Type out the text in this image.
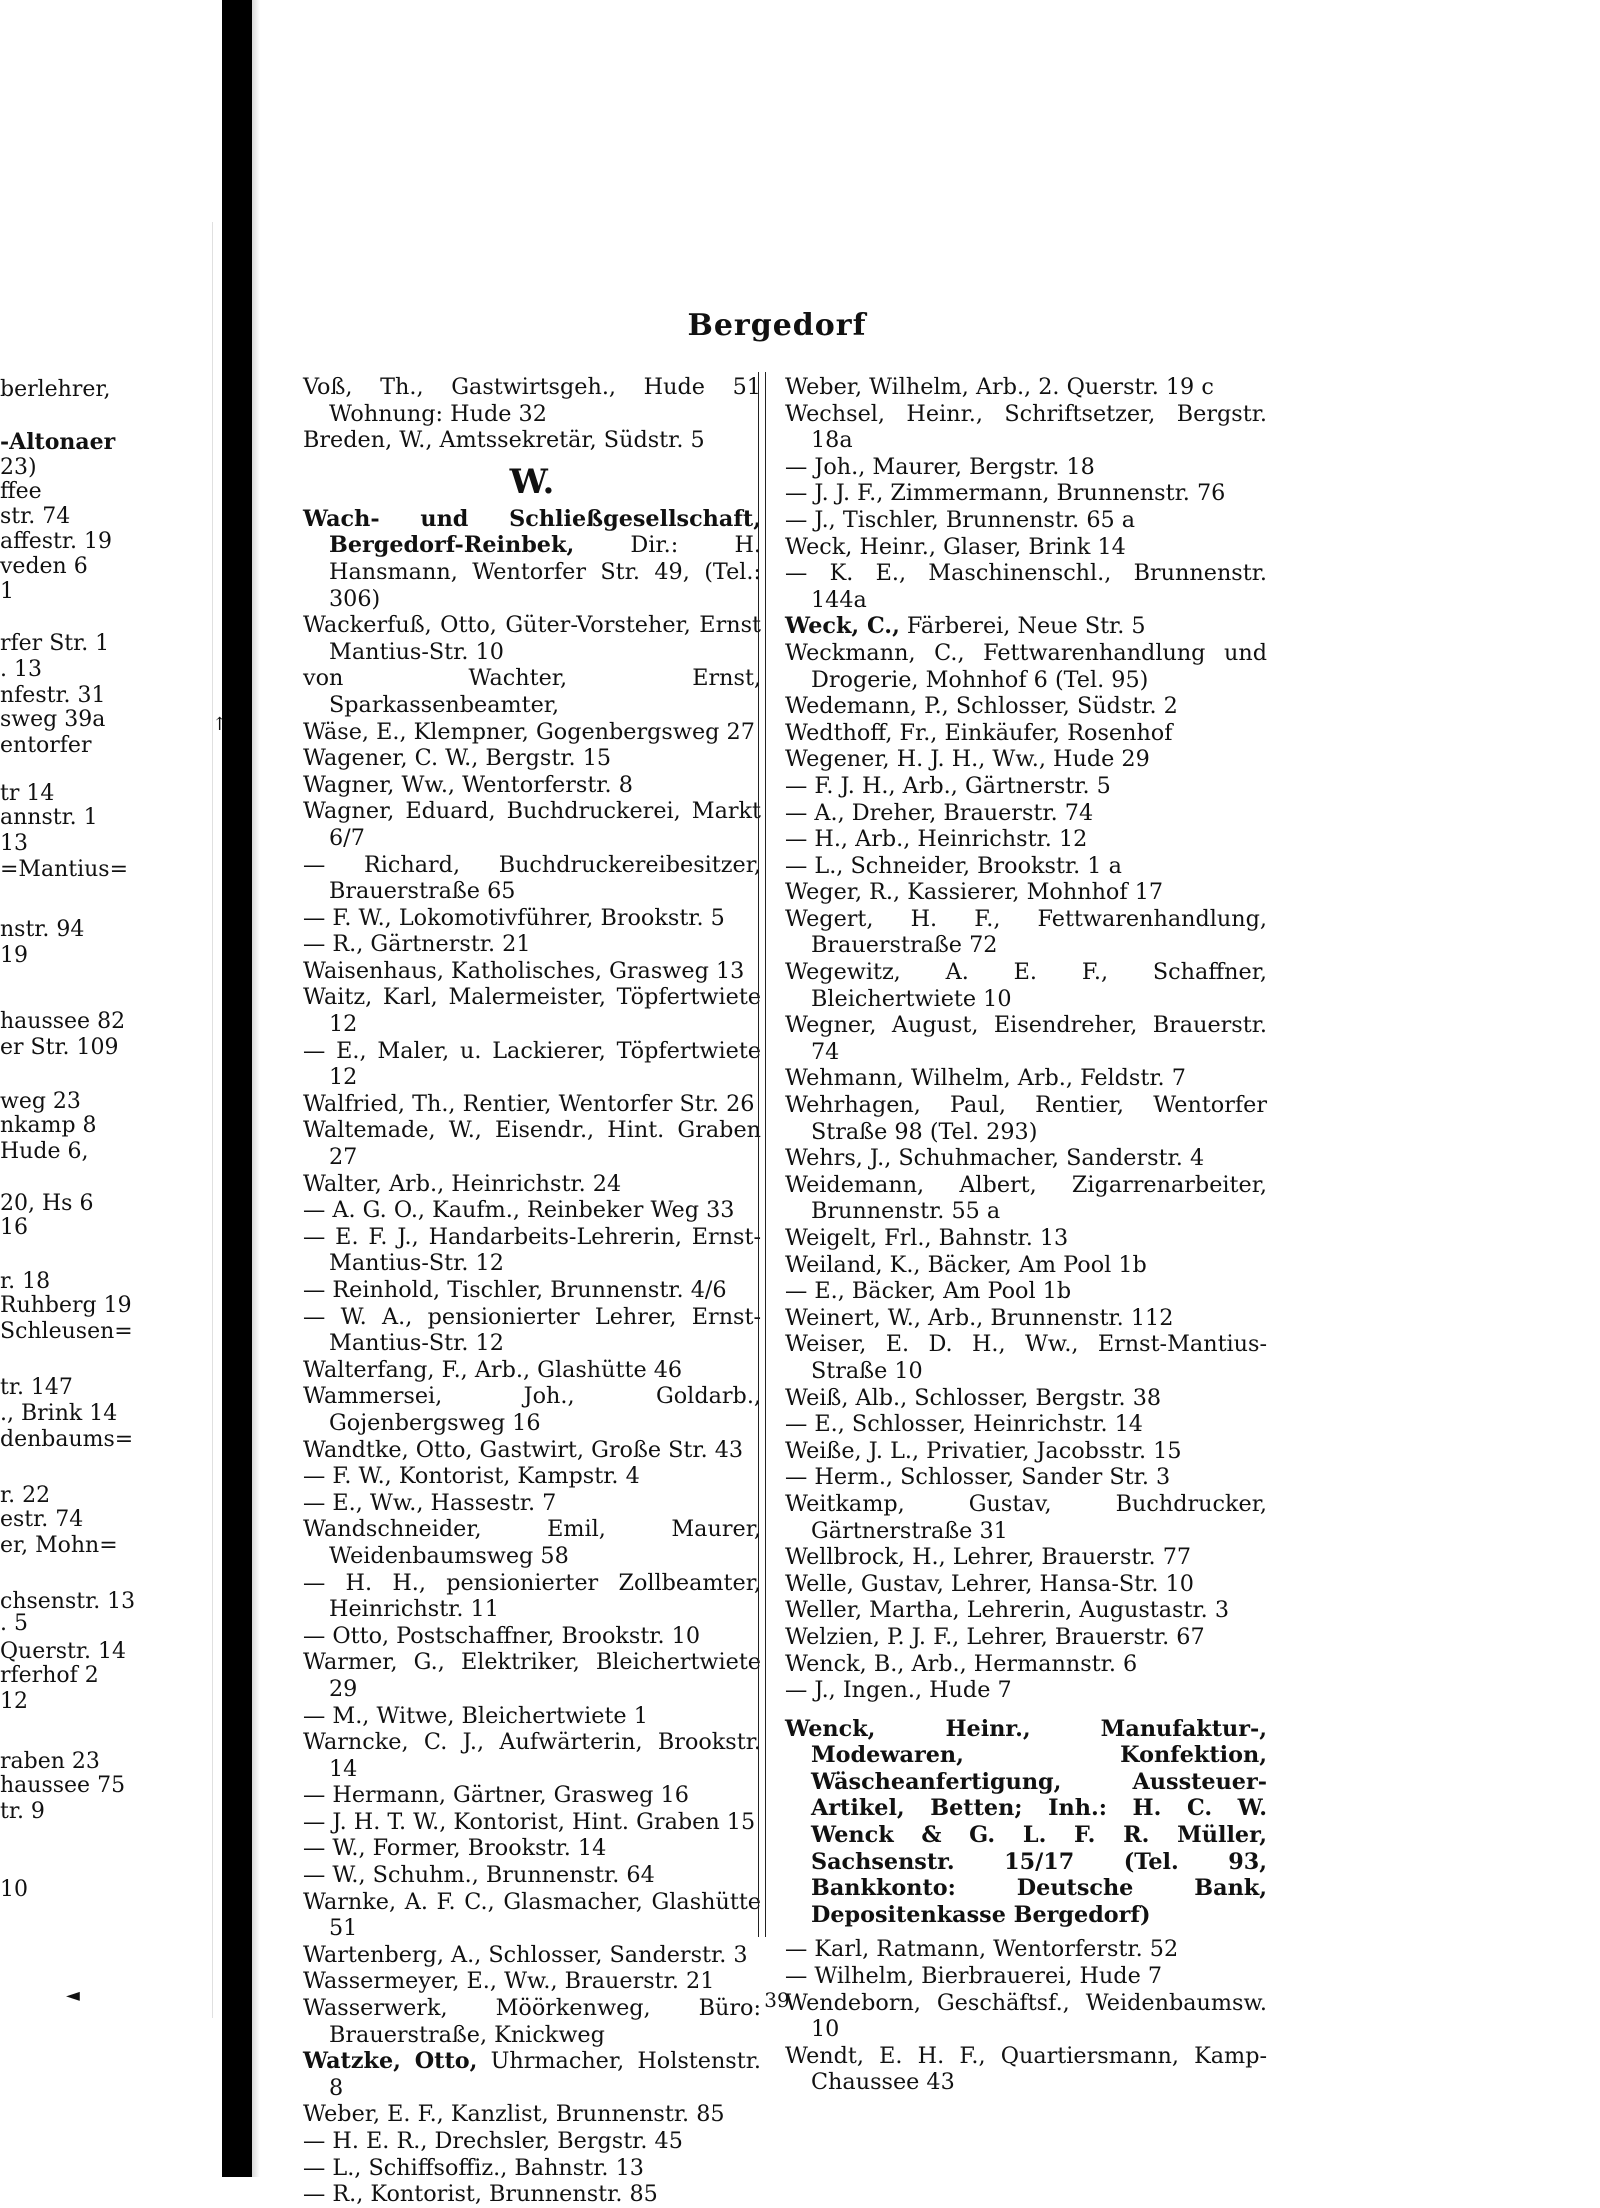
berlehrer,
-Altonaer
23)
ffee
str. 74
affestr. 19
veden 6
1
rfer Str. 1
. 13
nfestr. 31
sweg 39a
entorfer
tr 14
annstr. 1
13
=Mantius=
nstr. 94
19
haussee 82
er Str. 109
weg 23
nkamp 8
Hude 6,
20, Hs 6
16
r. 18
Ruhberg 19
Schleusen=
tr. 147
., Brink 14
denbaums=
r. 22
estr. 74
er, Mohn=
chsenstr. 13
. 5
Querstr. 14
rferhof 2
12
raben 23
haussee 75
tr. 9
10
↑
◄
Bergedorf

Voß, Th., Gastwirtsgeh., Hude 51 Wohnung: Hude 32

Breden, W., Amtssekretär, Südstr. 5

W.

Wach- und Schließgesellschaft, Bergedorf-Reinbek, Dir.: H. Hansmann, Wentorfer Str. 49, (Tel.: 306)

Wackerfuß, Otto, Güter-Vorsteher, Ernst Mantius-Str. 10

von Wachter, Ernst, Sparkassenbeamter,

Wäse, E., Klempner, Gogenbergsweg 27

Wagener, C. W., Bergstr. 15

Wagner, Ww., Wentorferstr. 8

Wagner, Eduard, Buchdruckerei, Markt 6/7

— Richard, Buchdruckereibesitzer, Brauerstraße 65

— F. W., Lokomotivführer, Brookstr. 5

— R., Gärtnerstr. 21

Waisenhaus, Katholisches, Grasweg 13

Waitz, Karl, Malermeister, Töpfertwiete 12

— E., Maler, u. Lackierer, Töpfertwiete 12

Walfried, Th., Rentier, Wentorfer Str. 26

Waltemade, W., Eisendr., Hint. Graben 27

Walter, Arb., Heinrichstr. 24

— A. G. O., Kaufm., Reinbeker Weg 33

— E. F. J., Handarbeits-Lehrerin, Ernst-Mantius-Str. 12

— Reinhold, Tischler, Brunnenstr. 4/6

— W. A., pensionierter Lehrer, Ernst-Mantius-Str. 12

Walterfang, F., Arb., Glashütte 46

Wammersei, Joh., Goldarb., Gojenbergsweg 16

Wandtke, Otto, Gastwirt, Große Str. 43

— F. W., Kontorist, Kampstr. 4

— E., Ww., Hassestr. 7

Wandschneider, Emil, Maurer, Weidenbaumsweg 58

— H. H., pensionierter Zollbeamter, Heinrichstr. 11

— Otto, Postschaffner, Brookstr. 10

Warmer, G., Elektriker, Bleichertwiete 29

— M., Witwe, Bleichertwiete 1

Warncke, C. J., Aufwärterin, Brookstr. 14

— Hermann, Gärtner, Grasweg 16

— J. H. T. W., Kontorist, Hint. Graben 15

— W., Former, Brookstr. 14

— W., Schuhm., Brunnenstr. 64

Warnke, A. F. C., Glasmacher, Glashütte 51

Wartenberg, A., Schlosser, Sanderstr. 3

Wassermeyer, E., Ww., Brauerstr. 21

Wasserwerk, Möörkenweg, Büro: Brauerstraße, Knickweg

Watzke, Otto, Uhrmacher, Holstenstr. 8

Weber, E. F., Kanzlist, Brunnenstr. 85

— H. E. R., Drechsler, Bergstr. 45

— L., Schiffsoffiz., Bahnstr. 13

— R., Kontorist, Brunnenstr. 85

Weber, Wilhelm, Arb., 2. Querstr. 19 c

Wechsel, Heinr., Schriftsetzer, Bergstr. 18a

— Joh., Maurer, Bergstr. 18

— J. J. F., Zimmermann, Brunnenstr. 76

— J., Tischler, Brunnenstr. 65 a

Weck, Heinr., Glaser, Brink 14

— K. E., Maschinenschl., Brunnenstr. 144a

Weck, C., Färberei, Neue Str. 5

Weckmann, C., Fettwarenhandlung und Drogerie, Mohnhof 6 (Tel. 95)

Wedemann, P., Schlosser, Südstr. 2

Wedthoff, Fr., Einkäufer, Rosenhof

Wegener, H. J. H., Ww., Hude 29

— F. J. H., Arb., Gärtnerstr. 5

— A., Dreher, Brauerstr. 74

— H., Arb., Heinrichstr. 12

— L., Schneider, Brookstr. 1 a

Weger, R., Kassierer, Mohnhof 17

Wegert, H. F., Fettwarenhandlung, Brauerstraße 72

Wegewitz, A. E. F., Schaffner, Bleichertwiete 10

Wegner, August, Eisendreher, Brauerstr. 74

Wehmann, Wilhelm, Arb., Feldstr. 7

Wehrhagen, Paul, Rentier, Wentorfer Straße 98 (Tel. 293)

Wehrs, J., Schuhmacher, Sanderstr. 4

Weidemann, Albert, Zigarrenarbeiter, Brunnenstr. 55 a

Weigelt, Frl., Bahnstr. 13

Weiland, K., Bäcker, Am Pool 1b

— E., Bäcker, Am Pool 1b

Weinert, W., Arb., Brunnenstr. 112

Weiser, E. D. H., Ww., Ernst-Mantius-Straße 10

Weiß, Alb., Schlosser, Bergstr. 38

— E., Schlosser, Heinrichstr. 14

Weiße, J. L., Privatier, Jacobsstr. 15

— Herm., Schlosser, Sander Str. 3

Weitkamp, Gustav, Buchdrucker, Gärtnerstraße 31

Wellbrock, H., Lehrer, Brauerstr. 77

Welle, Gustav, Lehrer, Hansa-Str. 10

Weller, Martha, Lehrerin, Augustastr. 3

Welzien, P. J. F., Lehrer, Brauerstr. 67

Wenck, B., Arb., Hermannstr. 6

— J., Ingen., Hude 7

Wenck, Heinr., Manufaktur-, Modewaren, Konfektion, Wäscheanfertigung, Aussteuer-Artikel, Betten; Inh.: H. C. W. Wenck & G. L. F. R. Müller, Sachsenstr. 15/17 (Tel. 93, Bankkonto: Deutsche Bank, Depositenkasse Bergedorf)

— Karl, Ratmann, Wentorferstr. 52

— Wilhelm, Bierbrauerei, Hude 7

Wendeborn, Geschäftsf., Weidenbaumsw. 10

Wendt, E. H. F., Quartiersmann, Kamp-Chaussee 43

39
